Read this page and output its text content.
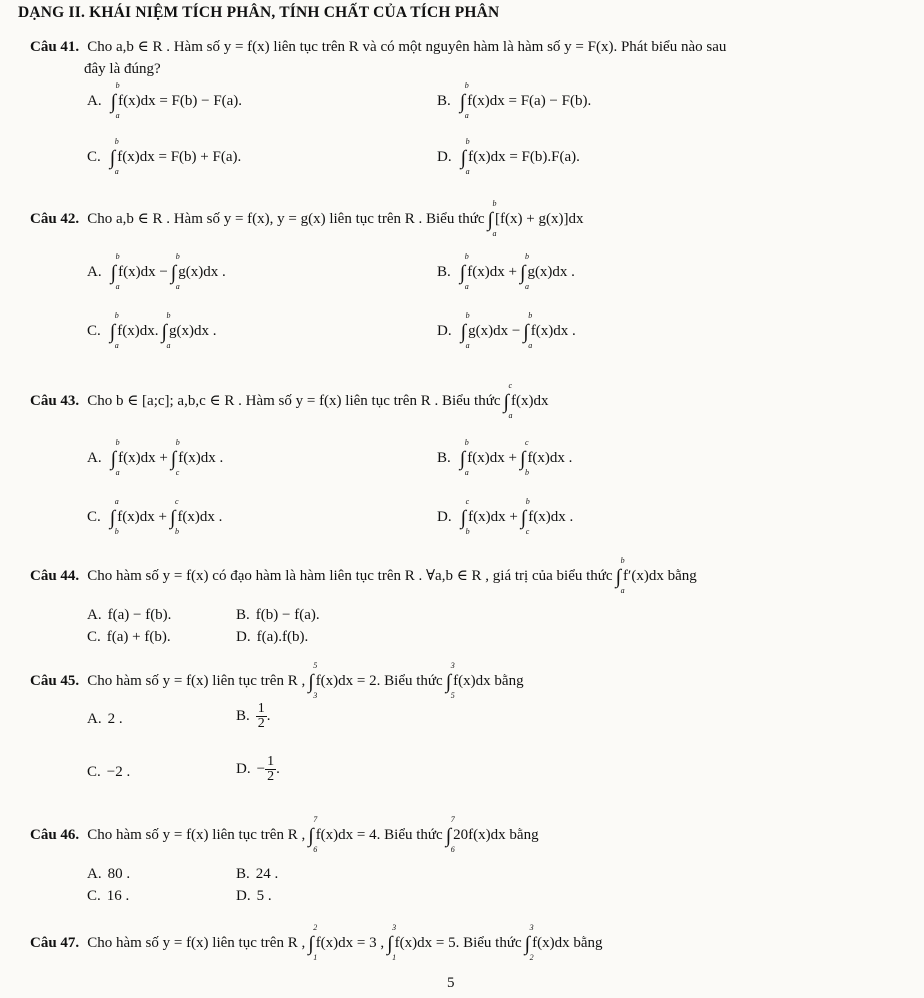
DẠNG II. KHÁI NIỆM TÍCH PHÂN, TÍNH CHẤT CỦA TÍCH PHÂN
Câu 41. Cho a,b ∈ R . Hàm số y = f(x) liên tục trên R và có một nguyên hàm là hàm số y = F(x). Phát biểu nào sau
đây là đúng?
A. ∫
b
a
f(x)dx = F(b) − F(a).	B. ∫
b
a
f(x)dx = F(a) − F(b).
C. ∫
b
a
f(x)dx = F(b) + F(a).	D. ∫
b
a
f(x)dx = F(b).F(a).
Câu 42. Cho a,b ∈ R . Hàm số y = f(x), y = g(x) liên tục trên R . Biểu thức ∫
b
a
[f(x) + g(x)]dx
A. ∫
b
a
f(x)dx − ∫
b
a
g(x)dx .	B. ∫
b
a
f(x)dx + ∫
b
a
g(x)dx .
C. ∫
b
a
f(x)dx. ∫
b
a
g(x)dx .	D. ∫
b
a
g(x)dx − ∫
b
a
f(x)dx .
Câu 43. Cho b ∈ [a;c]; a,b,c ∈ R . Hàm số y = f(x) liên tục trên R . Biểu thức ∫
c
a
f(x)dx
A. ∫
b
a
f(x)dx + ∫
b
c
f(x)dx .	B. ∫
b
a
f(x)dx + ∫
c
b
f(x)dx .
C. ∫
a
b
f(x)dx + ∫
c
b
f(x)dx .	D. ∫
c
b
f(x)dx + ∫
b
c
f(x)dx .
Câu 44. Cho hàm số y = f(x) có đạo hàm là hàm liên tục trên R . ∀a,b ∈ R , giá trị của biểu thức ∫
b
a
f′(x)dx bằng
A. f(a) − f(b).	B. f(b) − f(a).
C. f(a) + f(b).	D. f(a).f(b).
Câu 45. Cho hàm số y = f(x) liên tục trên R , ∫
5
3
f(x)dx = 2. Biểu thức ∫
3
5
f(x)dx bằng
A. 2 .	B. $\frac{1}{2}$ .
C. −2 .	D. − $\frac{1}{2}$ .
Câu 46. Cho hàm số y = f(x) liên tục trên R , ∫
7
6
f(x)dx = 4. Biểu thức ∫
7
6
20f(x)dx bằng
A. 80 .	B. 24 .
C. 16 .	D. 5 .
Câu 47. Cho hàm số y = f(x) liên tục trên R , ∫
2
1
f(x)dx = 3 , ∫
3
1
f(x)dx = 5. Biểu thức ∫
3
2
f(x)dx bằng
5
